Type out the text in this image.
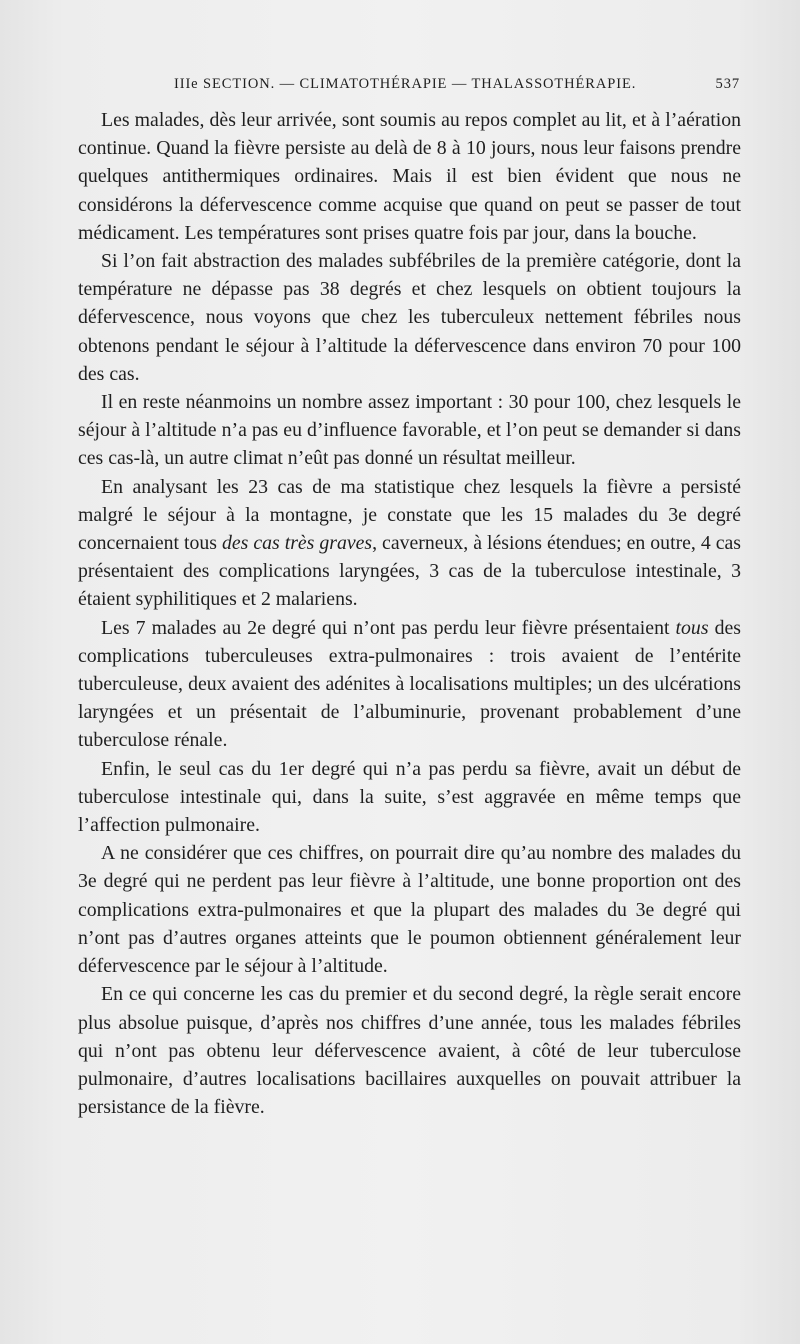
IIIe SECTION. — CLIMATOTHÉRAPIE — THALASSOTHÉRAPIE.	537

Les malades, dès leur arrivée, sont soumis au repos complet au lit, et à l’aération continue. Quand la fièvre persiste au delà de 8 à 10 jours, nous leur faisons prendre quelques antithermiques ordinaires. Mais il est bien évident que nous ne considérons la défervescence comme acquise que quand on peut se passer de tout médicament. Les températures sont prises quatre fois par jour, dans la bouche.

Si l’on fait abstraction des malades subfébriles de la première catégorie, dont la température ne dépasse pas 38 degrés et chez lesquels on obtient toujours la défervescence, nous voyons que chez les tuberculeux nettement fébriles nous obtenons pendant le séjour à l’altitude la défervescence dans environ 70 pour 100 des cas.

Il en reste néanmoins un nombre assez important : 30 pour 100, chez lesquels le séjour à l’altitude n’a pas eu d’influence favorable, et l’on peut se demander si dans ces cas-là, un autre climat n’eût pas donné un résultat meilleur.

En analysant les 23 cas de ma statistique chez lesquels la fièvre a persisté malgré le séjour à la montagne, je constate que les 15 malades du 3e degré concernaient tous des cas très graves, caverneux, à lésions étendues; en outre, 4 cas présentaient des complications laryngées, 3 cas de la tuberculose intestinale, 3 étaient syphilitiques et 2 malariens.

Les 7 malades au 2e degré qui n’ont pas perdu leur fièvre présentaient tous des complications tuberculeuses extra-pulmonaires : trois avaient de l’entérite tuberculeuse, deux avaient des adénites à localisations multiples; un des ulcérations laryngées et un présentait de l’albuminurie, provenant probablement d’une tuberculose rénale.

Enfin, le seul cas du 1er degré qui n’a pas perdu sa fièvre, avait un début de tuberculose intestinale qui, dans la suite, s’est aggravée en même temps que l’affection pulmonaire.

A ne considérer que ces chiffres, on pourrait dire qu’au nombre des malades du 3e degré qui ne perdent pas leur fièvre à l’altitude, une bonne proportion ont des complications extra-pulmonaires et que la plupart des malades du 3e degré qui n’ont pas d’autres organes atteints que le poumon obtiennent généralement leur défervescence par le séjour à l’altitude.

En ce qui concerne les cas du premier et du second degré, la règle serait encore plus absolue puisque, d’après nos chiffres d’une année, tous les malades fébriles qui n’ont pas obtenu leur défervescence avaient, à côté de leur tuberculose pulmonaire, d’autres localisations bacillaires auxquelles on pouvait attribuer la persistance de la fièvre.
